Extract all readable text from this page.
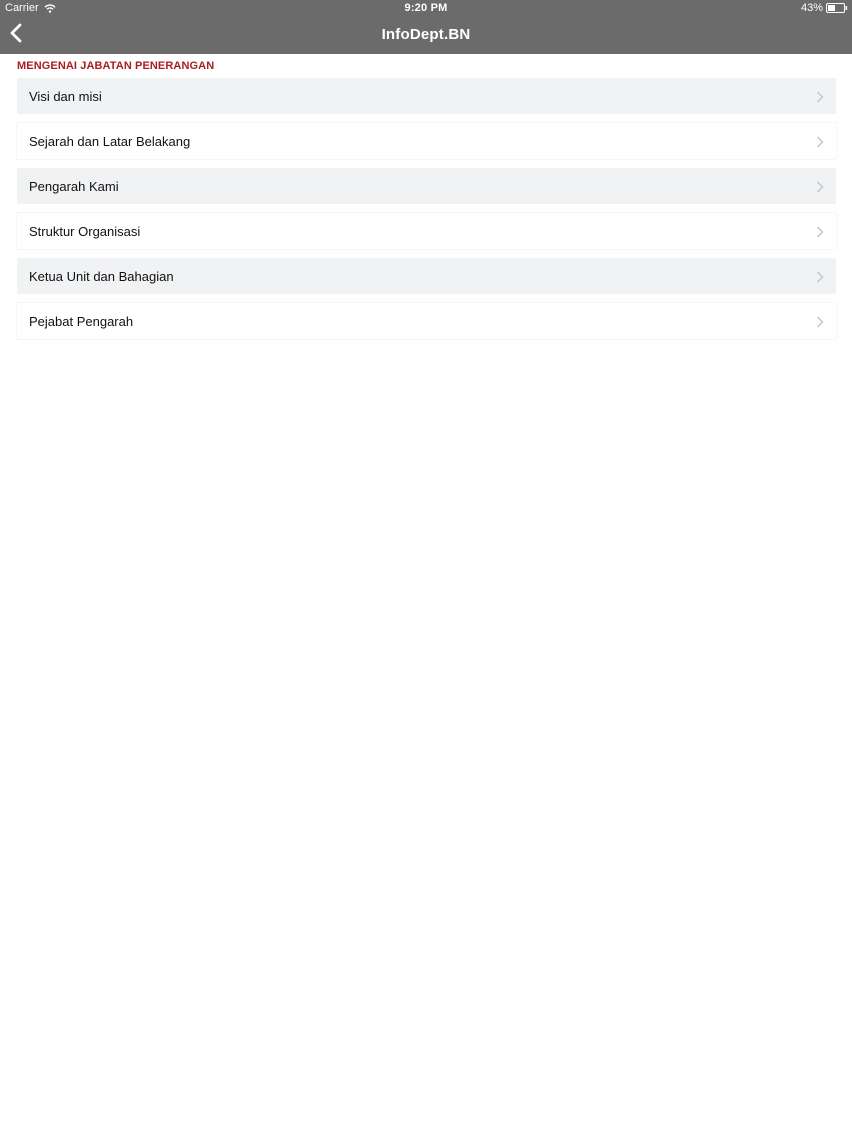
Carrier	9:20 PM	43%
InfoDept.BN
MENGENAI JABATAN PENERANGAN
Visi dan misi
Sejarah dan Latar Belakang
Pengarah Kami
Struktur Organisasi
Ketua Unit dan Bahagian
Pejabat Pengarah
